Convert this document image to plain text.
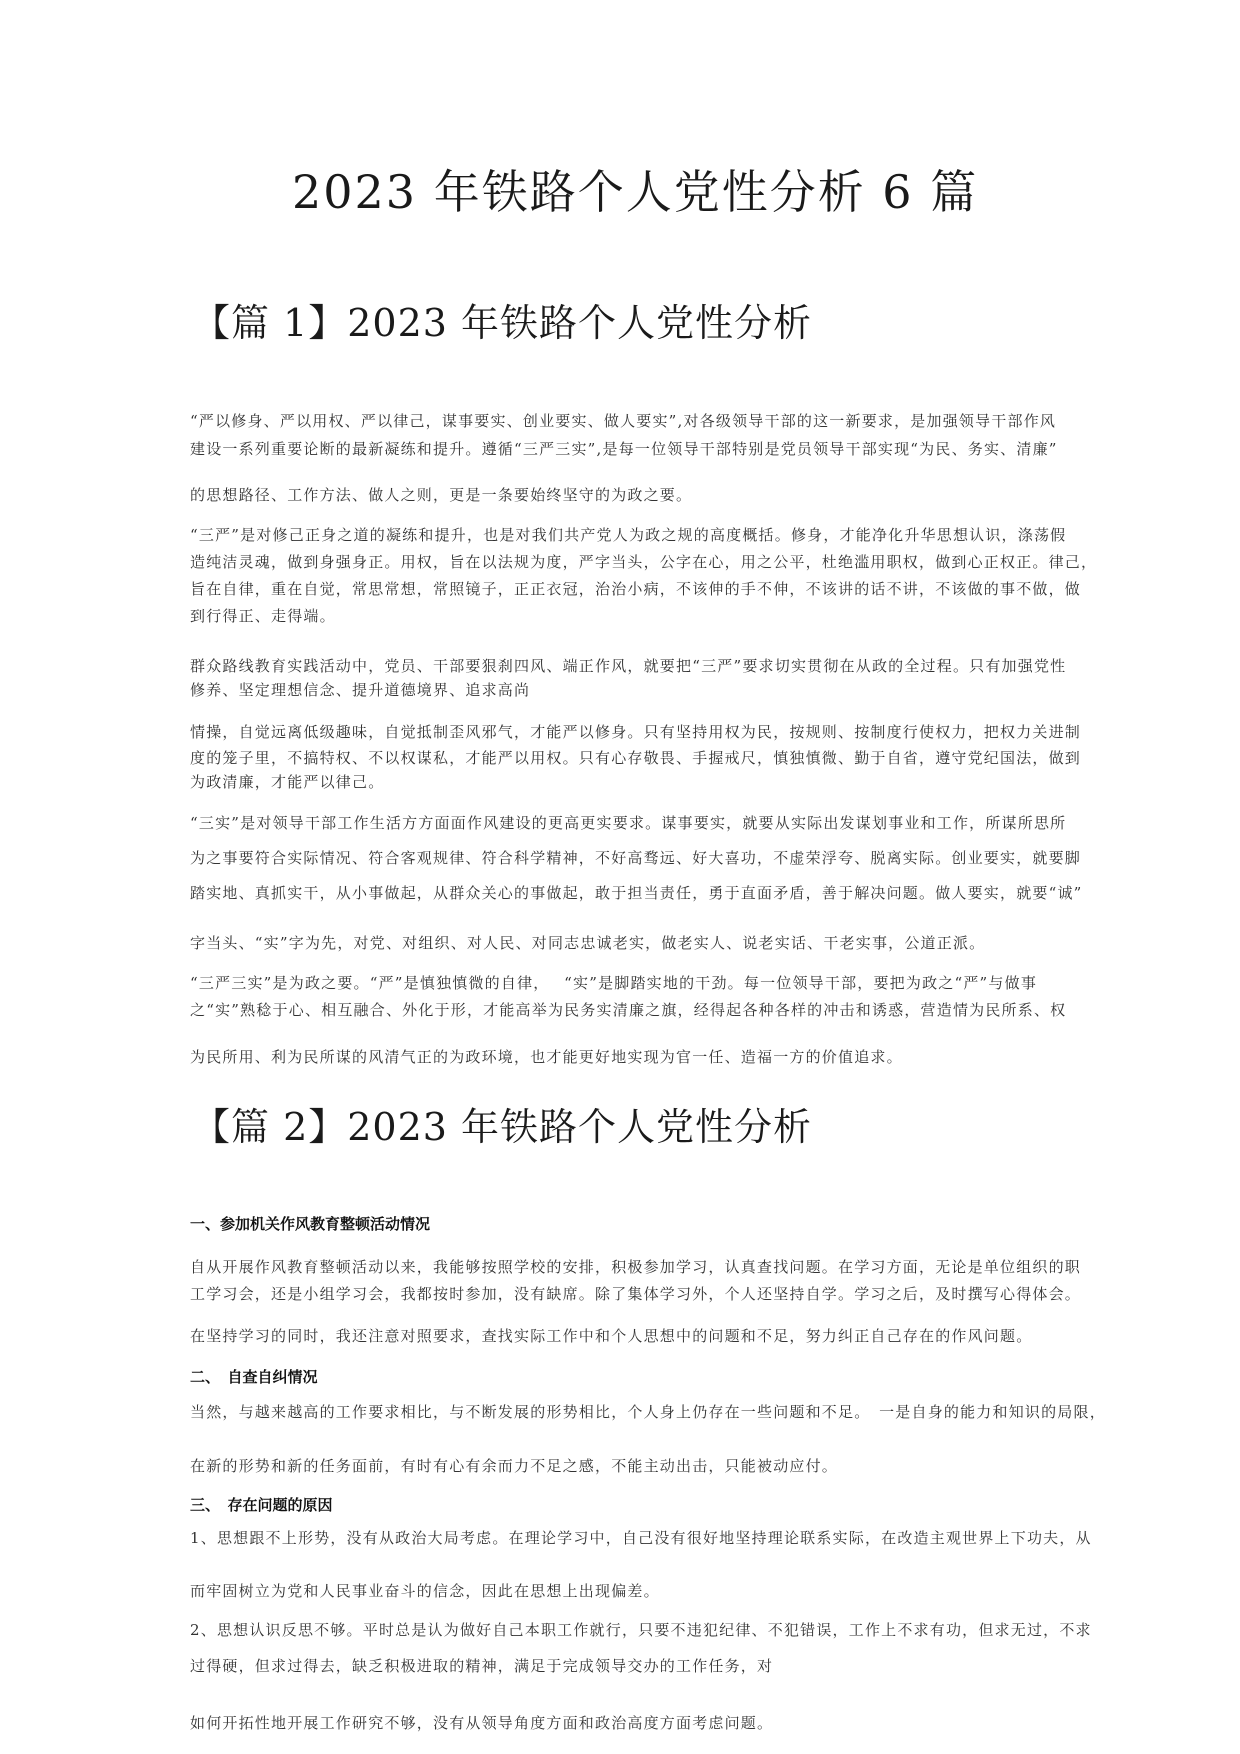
2023 年铁路个人党性分析 6 篇
【篇 1】2023 年铁路个人党性分析
“严以修身、严以用权、严以律己，谋事要实、创业要实、做人要实”,对各级领导干部的这一新要求，是加强领导干部作风
建设一系列重要论断的最新凝练和提升。遵循“三严三实”,是每一位领导干部特别是党员领导干部实现“为民、务实、清廉”
的思想路径、工作方法、做人之则，更是一条要始终坚守的为政之要。
“三严”是对修己正身之道的凝练和提升，也是对我们共产党人为政之规的高度概括。修身，才能净化升华思想认识，涤荡假
造纯洁灵魂，做到身强身正。用权，旨在以法规为度，严字当头，公字在心，用之公平，杜绝滥用职权，做到心正权正。律己，
旨在自律，重在自觉，常思常想，常照镜子，正正衣冠，治治小病，不该伸的手不伸，不该讲的话不讲，不该做的事不做，做
到行得正、走得端。
群众路线教育实践活动中，党员、干部要狠刹四风、端正作风，就要把“三严”要求切实贯彻在从政的全过程。只有加强党性
修养、坚定理想信念、提升道德境界、追求高尚
情操，自觉远离低级趣味，自觉抵制歪风邪气，才能严以修身。只有坚持用权为民，按规则、按制度行使权力，把权力关进制
度的笼子里，不搞特权、不以权谋私，才能严以用权。只有心存敬畏、手握戒尺，慎独慎微、勤于自省，遵守党纪国法，做到
为政清廉，才能严以律己。
“三实”是对领导干部工作生活方方面面作风建设的更高更实要求。谋事要实，就要从实际出发谋划事业和工作，所谋所思所
为之事要符合实际情况、符合客观规律、符合科学精神，不好高骛远、好大喜功，不虚荣浮夸、脱离实际。创业要实，就要脚
踏实地、真抓实干，从小事做起，从群众关心的事做起，敢于担当责任，勇于直面矛盾，善于解决问题。做人要实，就要“诚”
字当头、“实”字为先，对党、对组织、对人民、对同志忠诚老实，做老实人、说老实话、干老实事，公道正派。
“三严三实”是为政之要。“严”是慎独慎微的自律，　 “实”是脚踏实地的干劲。每一位领导干部，要把为政之“严”与做事
之“实”熟稔于心、相互融合、外化于形，才能高举为民务实清廉之旗，经得起各种各样的冲击和诱惑，营造情为民所系、权
为民所用、利为民所谋的风清气正的为政环境，也才能更好地实现为官一任、造福一方的价值追求。
【篇 2】2023 年铁路个人党性分析
一、参加机关作风教育整顿活动情况
自从开展作风教育整顿活动以来，我能够按照学校的安排，积极参加学习，认真查找问题。在学习方面，无论是单位组织的职
工学习会，还是小组学习会，我都按时参加，没有缺席。除了集体学习外，个人还坚持自学。学习之后，及时撰写心得体会。
在坚持学习的同时，我还注意对照要求，查找实际工作中和个人思想中的问题和不足，努力纠正自己存在的作风问题。
二、　自查自纠情况
当然，与越来越高的工作要求相比，与不断发展的形势相比，个人身上仍存在一些问题和不足。　一是自身的能力和知识的局限，
在新的形势和新的任务面前，有时有心有余而力不足之感，不能主动出击，只能被动应付。
三、　存在问题的原因
1、思想跟不上形势，没有从政治大局考虑。在理论学习中，自己没有很好地坚持理论联系实际，在改造主观世界上下功夫，从
而牢固树立为党和人民事业奋斗的信念，因此在思想上出现偏差。
2、思想认识反思不够。平时总是认为做好自己本职工作就行，只要不违犯纪律、不犯错误，工作上不求有功，但求无过，不求
过得硬，但求过得去，缺乏积极进取的精神，满足于完成领导交办的工作任务，对
如何开拓性地开展工作研究不够，没有从领导角度方面和政治高度方面考虑问题。
